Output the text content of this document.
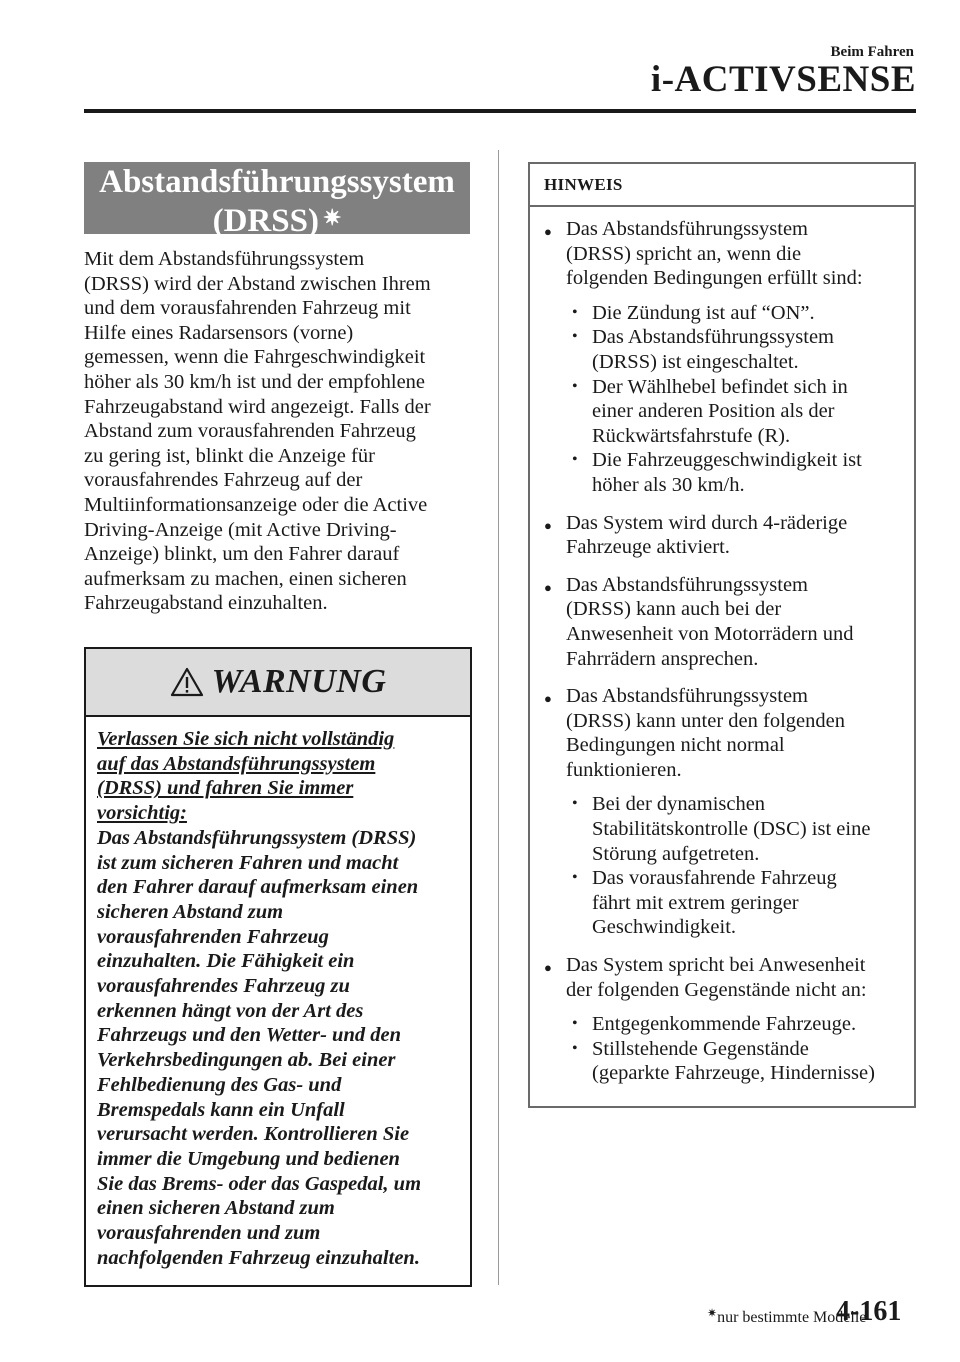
Beim Fahren
i-ACTIVSENSE
Abstandsführungssystem
(DRSS) ✷

Mit dem Abstandsführungssystem
(DRSS) wird der Abstand zwischen Ihrem
und dem vorausfahrenden Fahrzeug mit
Hilfe eines Radarsensors (vorne)
gemessen, wenn die Fahrgeschwindigkeit
höher als 30 km/h ist und der empfohlene
Fahrzeugabstand wird angezeigt. Falls der
Abstand zum vorausfahrenden Fahrzeug
zu gering ist, blinkt die Anzeige für
vorausfahrendes Fahrzeug auf der
Multiinformationsanzeige oder die Active
Driving-Anzeige (mit Active Driving-
Anzeige) blinkt, um den Fahrer darauf
aufmerksam zu machen, einen sicheren
Fahrzeugabstand einzuhalten.

WARNUNG
Verlassen Sie sich nicht vollständig
auf das Abstandsführungssystem
(DRSS) und fahren Sie immer
vorsichtig:
Das Abstandsführungssystem (DRSS)
ist zum sicheren Fahren und macht
den Fahrer darauf aufmerksam einen
sicheren Abstand zum
vorausfahrenden Fahrzeug
einzuhalten. Die Fähigkeit ein
vorausfahrendes Fahrzeug zu
erkennen hängt von der Art des
Fahrzeugs und den Wetter- und den
Verkehrsbedingungen ab. Bei einer
Fehlbedienung des Gas- und
Bremspedals kann ein Unfall
verursacht werden. Kontrollieren Sie
immer die Umgebung und bedienen
Sie das Brems- oder das Gaspedal, um
einen sicheren Abstand zum
vorausfahrenden und zum
nachfolgenden Fahrzeug einzuhalten.
HINWEIS
● Das Abstandsführungssystem
(DRSS) spricht an, wenn die
folgenden Bedingungen erfüllt sind:
• Die Zündung ist auf “ON”.
• Das Abstandsführungssystem
(DRSS) ist eingeschaltet.
• Der Wählhebel befindet sich in
einer anderen Position als der
Rückwärtsfahrstufe (R).
• Die Fahrzeuggeschwindigkeit ist
höher als 30 km/h.
● Das System wird durch 4-räderige
Fahrzeuge aktiviert.
● Das Abstandsführungssystem
(DRSS) kann auch bei der
Anwesenheit von Motorrädern und
Fahrrädern ansprechen.
● Das Abstandsführungssystem
(DRSS) kann unter den folgenden
Bedingungen nicht normal
funktionieren.
• Bei der dynamischen
Stabilitätskontrolle (DSC) ist eine
Störung aufgetreten.
• Das vorausfahrende Fahrzeug
fährt mit extrem geringer
Geschwindigkeit.
● Das System spricht bei Anwesenheit
der folgenden Gegenstände nicht an:
• Entgegenkommende Fahrzeuge.
• Stillstehende Gegenstände
(geparkte Fahrzeuge, Hindernisse)
✷nur bestimmte Modelle
4-161
